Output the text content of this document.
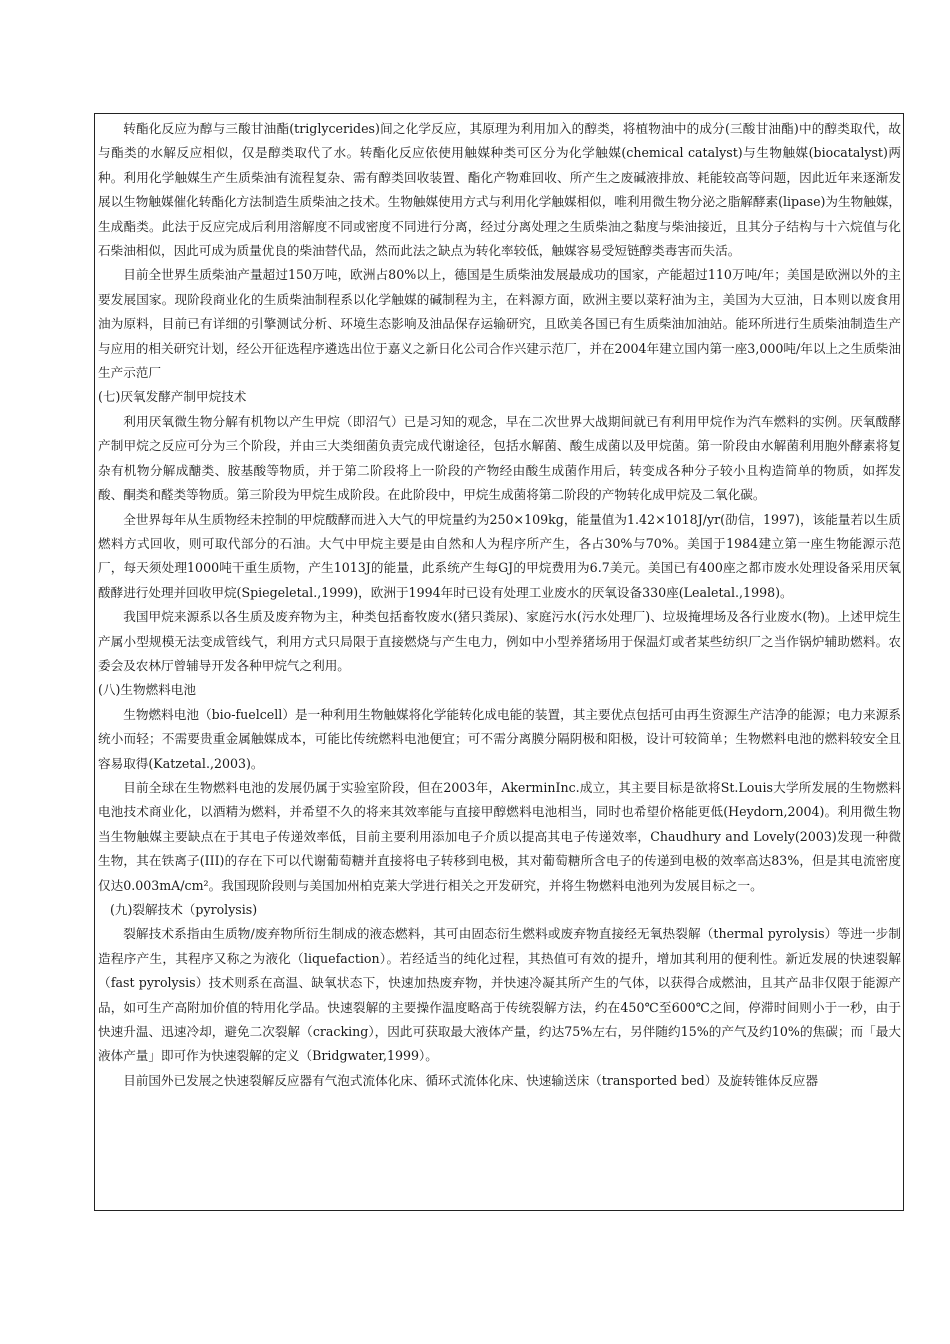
转酯化反应为醇与三酸甘油酯(triglycerides)间之化学反应，其原理为利用加入的醇类，将植物油中的成分(三酸甘油酯)中的醇类取代，故与酯类的水解反应相似，仅是醇类取代了水。转酯化反应依使用触媒种类可区分为化学触媒(chemical catalyst)与生物触媒(biocatalyst)两种。利用化学触媒生产生质柴油有流程复杂、需有醇类回收装置、酯化产物难回收、所产生之废碱液排放、耗能较高等问题，因此近年来逐渐发展以生物触媒催化转酯化方法制造生质柴油之技术。生物触媒使用方式与利用化学触媒相似，唯利用微生物分泌之脂解酵素(lipase)为生物触媒，生成酯类。此法于反应完成后利用溶解度不同或密度不同进行分离，经过分离处理之生质柴油之黏度与柴油接近，且其分子结构与十六烷值与化石柴油相似，因此可成为质量优良的柴油替代品，然而此法之缺点为转化率较低，触媒容易受短链醇类毒害而失活。

目前全世界生质柴油产量超过150万吨，欧洲占80%以上，德国是生质柴油发展最成功的国家，产能超过110万吨/年；美国是欧洲以外的主要发展国家。现阶段商业化的生质柴油制程系以化学触媒的碱制程为主，在料源方面，欧洲主要以菜籽油为主，美国为大豆油，日本则以废食用油为原料，目前已有详细的引擎测试分析、环境生态影响及油品保存运输研究，且欧美各国已有生质柴油加油站。能环所进行生质柴油制造生产与应用的相关研究计划，经公开征选程序遴选出位于嘉义之新日化公司合作兴建示范厂，并在2004年建立国内第一座3,000吨/年以上之生质柴油生产示范厂

(七)厌氧发酵产制甲烷技术

利用厌氧微生物分解有机物以产生甲烷（即沼气）已是习知的观念，早在二次世界大战期间就已有利用甲烷作为汽车燃料的实例。厌氧酦酵产制甲烷之反应可分为三个阶段，并由三大类细菌负责完成代谢途径，包括水解菌、酸生成菌以及甲烷菌。第一阶段由水解菌利用胞外酵素将复杂有机物分解成醣类、胺基酸等物质，并于第二阶段将上一阶段的产物经由酸生成菌作用后，转变成各种分子较小且构造简单的物质，如挥发酸、酮类和醛类等物质。第三阶段为甲烷生成阶段。在此阶段中，甲烷生成菌将第二阶段的产物转化成甲烷及二氧化碳。

全世界每年从生质物经未控制的甲烷酦酵而进入大气的甲烷量约为250×109kg，能量值为1.42×1018J/yr(劭信，1997)，该能量若以生质燃料方式回收，则可取代部分的石油。大气中甲烷主要是由自然和人为程序所产生，各占30%与70%。美国于1984建立第一座生物能源示范厂，每天须处理1000吨干重生质物，产生1013J的能量，此系统产生每GJ的甲烷费用为6.7美元。美国已有400座之都市废水处理设备采用厌氧酦酵进行处理并回收甲烷(Spiegeletal.,1999)，欧洲于1994年时已设有处理工业废水的厌氧设备330座(Lealetal.,1998)。

我国甲烷来源系以各生质及废弃物为主，种类包括畜牧废水(猪只粪尿)、家庭污水(污水处理厂)、垃圾掩埋场及各行业废水(物)。上述甲烷生产属小型规模无法变成管线气，利用方式只局限于直接燃烧与产生电力，例如中小型养猪场用于保温灯或者某些纺织厂之当作锅炉辅助燃料。农委会及农林厅曾辅导开发各种甲烷气之利用。

(八)生物燃料电池

生物燃料电池（bio-fuelcell）是一种利用生物触媒将化学能转化成电能的装置，其主要优点包括可由再生资源生产洁净的能源；电力来源系统小而轻；不需要贵重金属触媒成本，可能比传统燃料电池便宜；可不需分离膜分隔阴极和阳极，设计可较简单；生物燃料电池的燃料较安全且容易取得(Katzetal.,2003)。

目前全球在生物燃料电池的发展仍属于实验室阶段，但在2003年，AkerminInc.成立，其主要目标是欲将St.Louis大学所发展的生物燃料电池技术商业化，以酒精为燃料，并希望不久的将来其效率能与直接甲醇燃料电池相当，同时也希望价格能更低(Heydorn,2004)。利用微生物当生物触媒主要缺点在于其电子传递效率低，目前主要利用添加电子介质以提高其电子传递效率，Chaudhury and Lovely(2003)发现一种微生物，其在铁离子(III)的存在下可以代谢葡萄糖并直接将电子转移到电极，其对葡萄糖所含电子的传递到电极的效率高达83%，但是其电流密度仅达0.003mA/cm²。我国现阶段则与美国加州柏克莱大学进行相关之开发研究，并将生物燃料电池列为发展目标之一。

(九)裂解技术（pyrolysis)

裂解技术系指由生质物/废弃物所衍生制成的液态燃料，其可由固态衍生燃料或废弃物直接经无氧热裂解（thermal pyrolysis）等进一步制造程序产生，其程序又称之为液化（liquefaction）。若经适当的纯化过程，其热值可有效的提升，增加其利用的便利性。新近发展的快速裂解（fast pyrolysis）技术则系在高温、缺氧状态下，快速加热废弃物，并快速冷凝其所产生的气体，以获得合成燃油，且其产品非仅限于能源产品，如可生产高附加价值的特用化学品。快速裂解的主要操作温度略高于传统裂解方法，约在450℃至600℃之间，停滞时间则小于一秒，由于快速升温、迅速冷却，避免二次裂解（cracking），因此可获取最大液体产量，约达75%左右，另伴随约15%的产气及约10%的焦碳；而「最大液体产量」即可作为快速裂解的定义（Bridgwater,1999）。

目前国外已发展之快速裂解反应器有气泡式流体化床、循环式流体化床、快速输送床（transported bed）及旋转锥体反应器
